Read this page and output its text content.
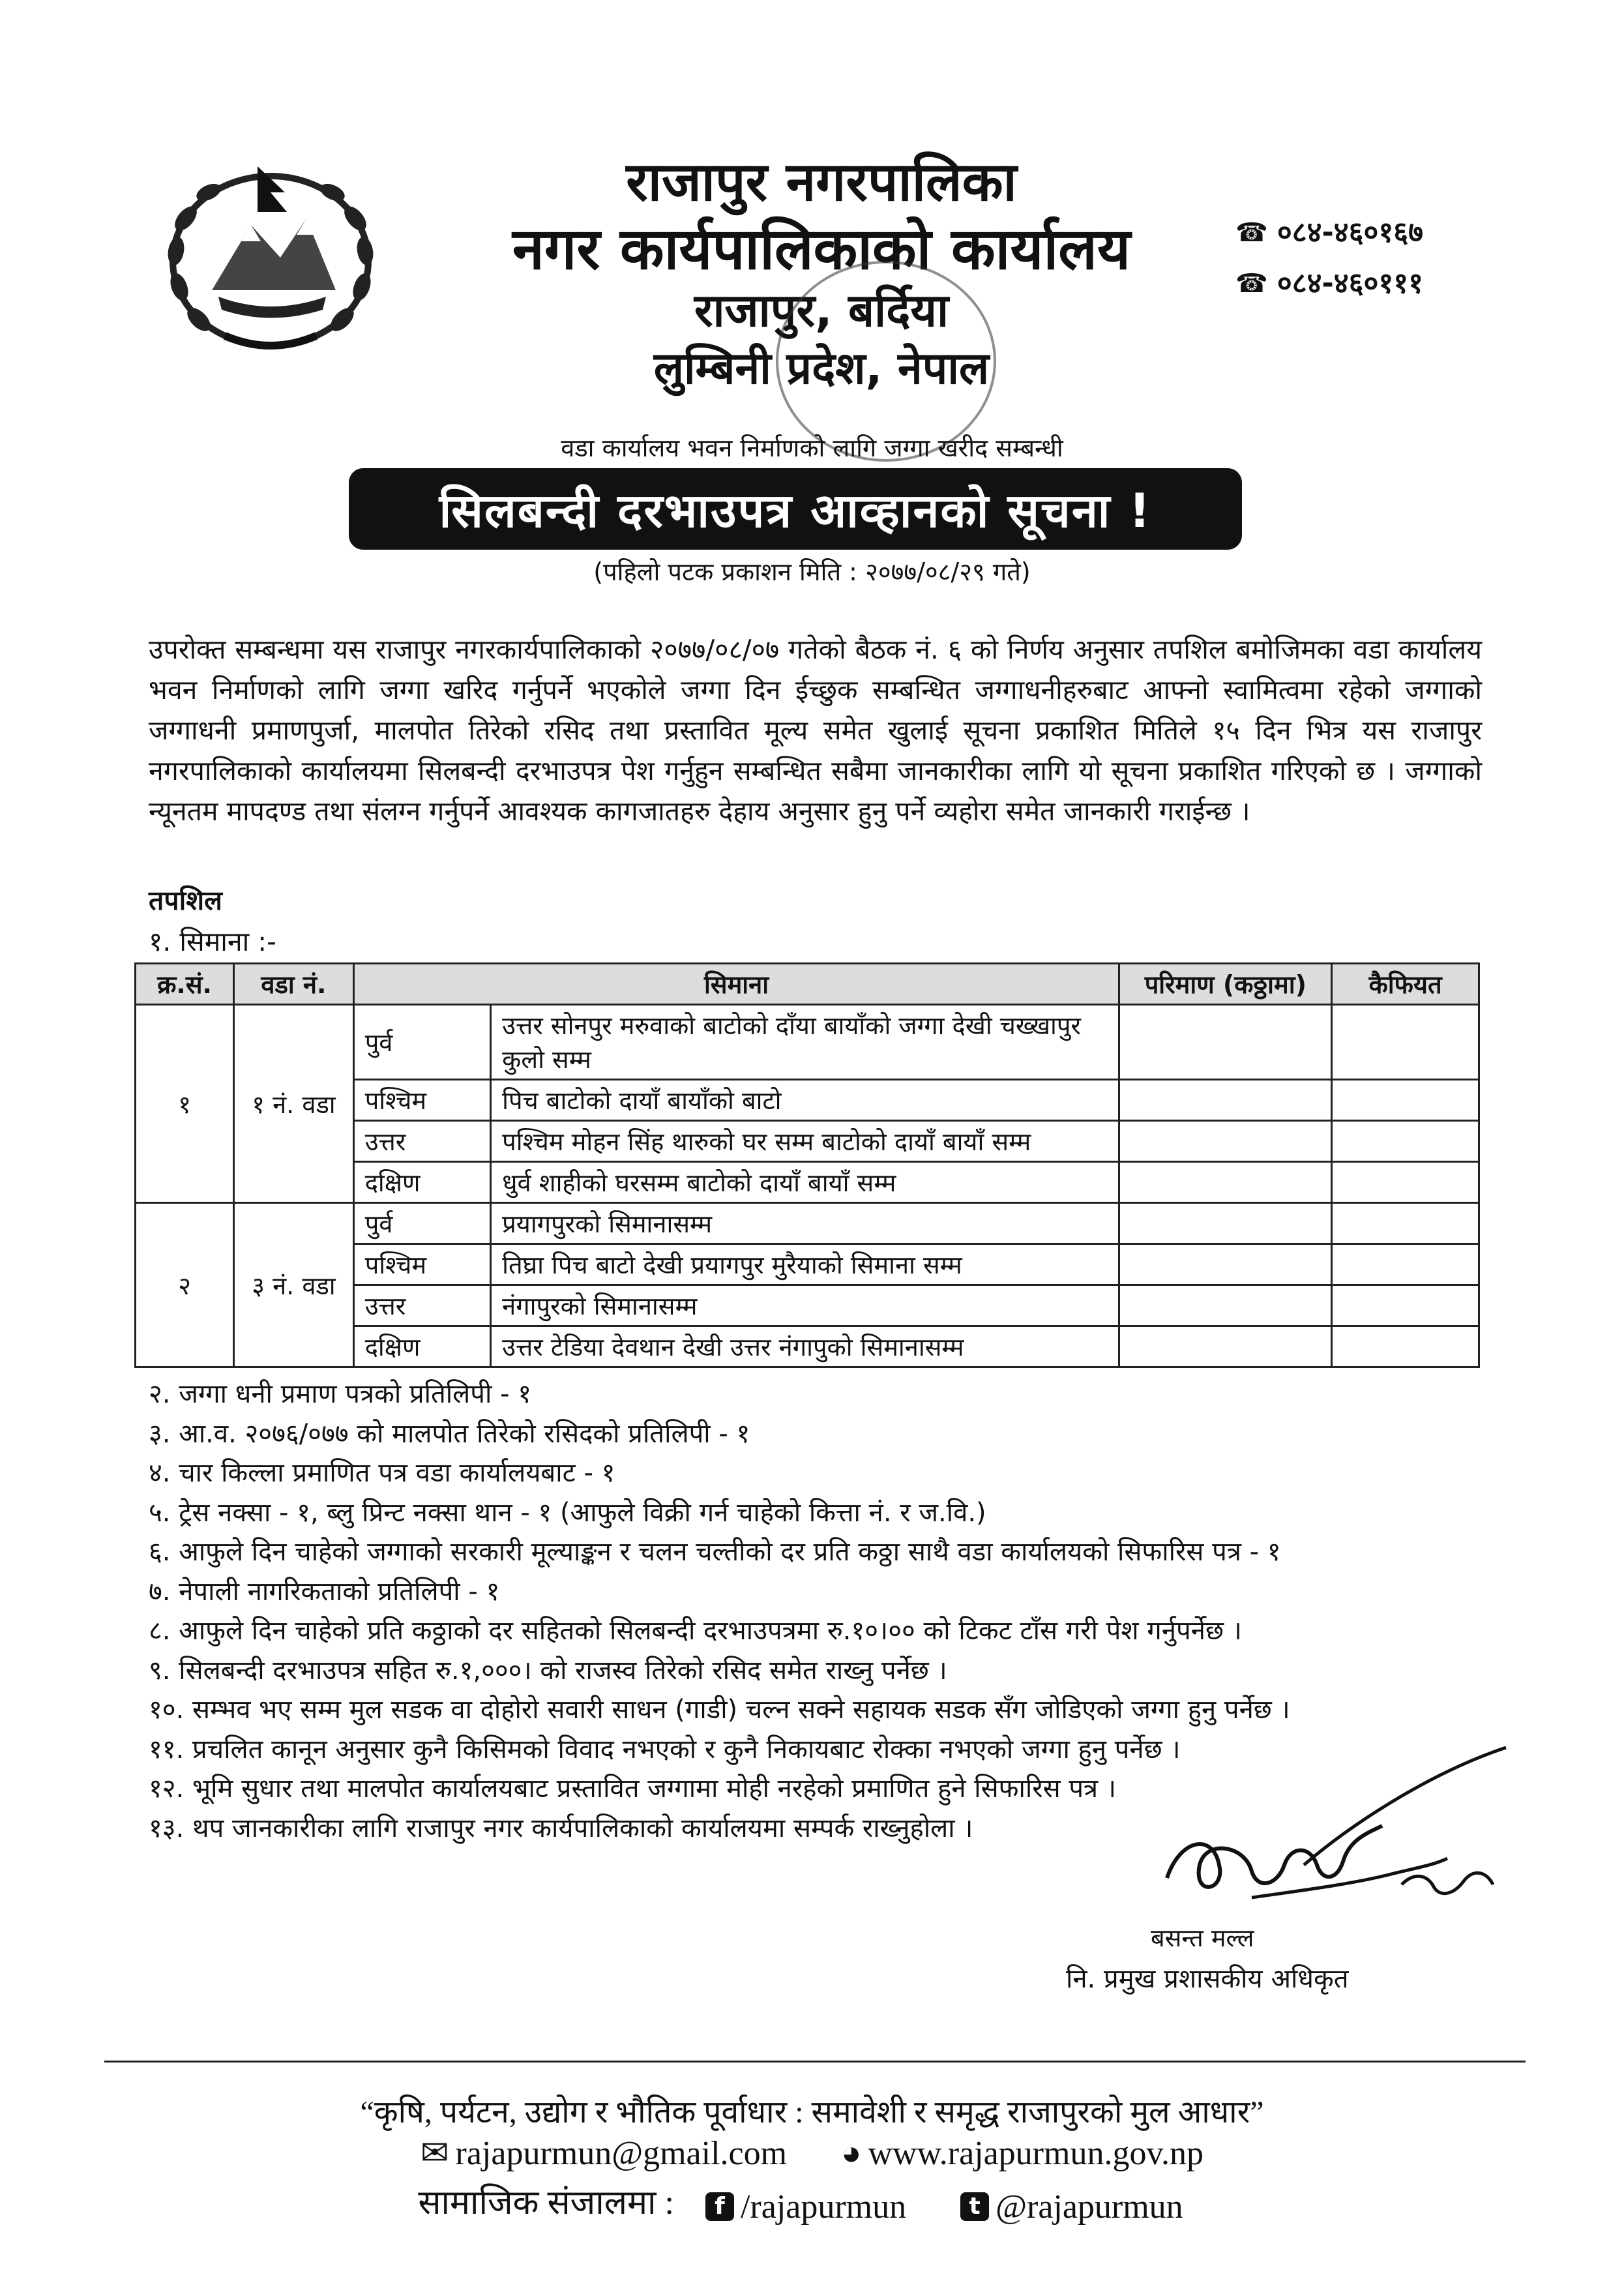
राजापुर नगरपालिका
नगर कार्यपालिकाको कार्यालय
राजापुर, बर्दिया
लुम्बिनी प्रदेश, नेपाल
☎ ०८४-४६०१६७
☎ ०८४-४६०१११
वडा कार्यालय भवन निर्माणको लागि जग्गा खरीद सम्बन्धी
सिलबन्दी दरभाउपत्र आव्हानको सूचना !
(पहिलो पटक प्रकाशन मिति : २०७७/०८/२९ गते)
उपरोक्त सम्बन्धमा यस राजापुर नगरकार्यपालिकाको २०७७/०८/०७ गतेको बैठक नं. ६ को निर्णय अनुसार तपशिल बमोजिमका वडा कार्यालय भवन निर्माणको लागि जग्गा खरिद गर्नुपर्ने भएकोले जग्गा दिन ईच्छुक सम्बन्धित जग्गाधनीहरुबाट आफ्नो स्वामित्वमा रहेको जग्गाको जग्गाधनी प्रमाणपुर्जा, मालपोत तिरेको रसिद तथा प्रस्तावित मूल्य समेत खुलाई सूचना प्रकाशित मितिले १५ दिन भित्र यस राजापुर नगरपालिकाको कार्यालयमा सिलबन्दी दरभाउपत्र पेश गर्नुहुन सम्बन्धित सबैमा जानकारीका लागि यो सूचना प्रकाशित गरिएको छ । जग्गाको न्यूनतम मापदण्ड तथा संलग्न गर्नुपर्ने आवश्यक कागजातहरु देहाय अनुसार हुनु पर्ने व्यहोरा समेत जानकारी गराईन्छ ।
तपशिल
१. सिमाना :-
क्र.सं.	वडा नं.	सिमाना		परिमाण (कठ्ठामा)	कैफियत
१	१ नं. वडा	पुर्व	उत्तर सोनपुर मरुवाको बाटोको दाँया बायाँको जग्गा देखी चख्खापुर कुलो सम्म		
		पश्चिम	पिच बाटोको दायाँ बायाँको बाटो		
		उत्तर	पश्चिम मोहन सिंह थारुको घर सम्म बाटोको दायाँ बायाँ सम्म		
		दक्षिण	धुर्व शाहीको घरसम्म बाटोको दायाँ बायाँ सम्म		
२	३ नं. वडा	पुर्व	प्रयागपुरको सिमानासम्म		
		पश्चिम	तिघ्रा पिच बाटो देखी प्रयागपुर मुरैयाको सिमाना सम्म		
		उत्तर	नंगापुरको सिमानासम्म		
		दक्षिण	उत्तर टेडिया देवथान देखी उत्तर नंगापुको सिमानासम्म		
२. जग्गा धनी प्रमाण पत्रको प्रतिलिपी - १
३. आ.व. २०७६/०७७ को मालपोत तिरेको रसिदको प्रतिलिपी - १
४. चार किल्ला प्रमाणित पत्र वडा कार्यालयबाट - १
५. ट्रेस नक्सा - १, ब्लु प्रिन्ट नक्सा थान - १ (आफुले विक्री गर्न चाहेको कित्ता नं. र ज.वि.)
६. आफुले दिन चाहेको जग्गाको सरकारी मूल्याङ्कन र चलन चल्तीको दर प्रति कठ्ठा साथै वडा कार्यालयको सिफारिस पत्र - १
७. नेपाली नागरिकताको प्रतिलिपी - १
८. आफुले दिन चाहेको प्रति कठ्ठाको दर सहितको सिलबन्दी दरभाउपत्रमा रु.१०।०० को टिकट टाँस गरी पेश गर्नुपर्नेछ ।
९. सिलबन्दी दरभाउपत्र सहित रु.१,०००। को राजस्व तिरेको रसिद समेत राख्नु पर्नेछ ।
१०. सम्भव भए सम्म मुल सडक वा दोहोरो सवारी साधन (गाडी) चल्न सक्ने सहायक सडक सँग जोडिएको जग्गा हुनु पर्नेछ ।
११. प्रचलित कानून अनुसार कुनै किसिमको विवाद नभएको र कुनै निकायबाट रोक्का नभएको जग्गा हुनु पर्नेछ ।
१२. भूमि सुधार तथा मालपोत कार्यालयबाट प्रस्तावित जग्गामा मोही नरहेको प्रमाणित हुने सिफारिस पत्र ।
१३. थप जानकारीका लागि राजापुर नगर कार्यपालिकाको कार्यालयमा सम्पर्क राख्नुहोला ।
बसन्त मल्ल
नि. प्रमुख प्रशासकीय अधिकृत
“कृषि, पर्यटन, उद्योग र भौतिक पूर्वाधार : समावेशी र समृद्ध राजापुरको मुल आधार”
✉ rajapurmun@gmail.com
◕ www.rajapurmun.gov.np
सामाजिक संजालमा :	f /rajapurmun
	t @rajapurmun
